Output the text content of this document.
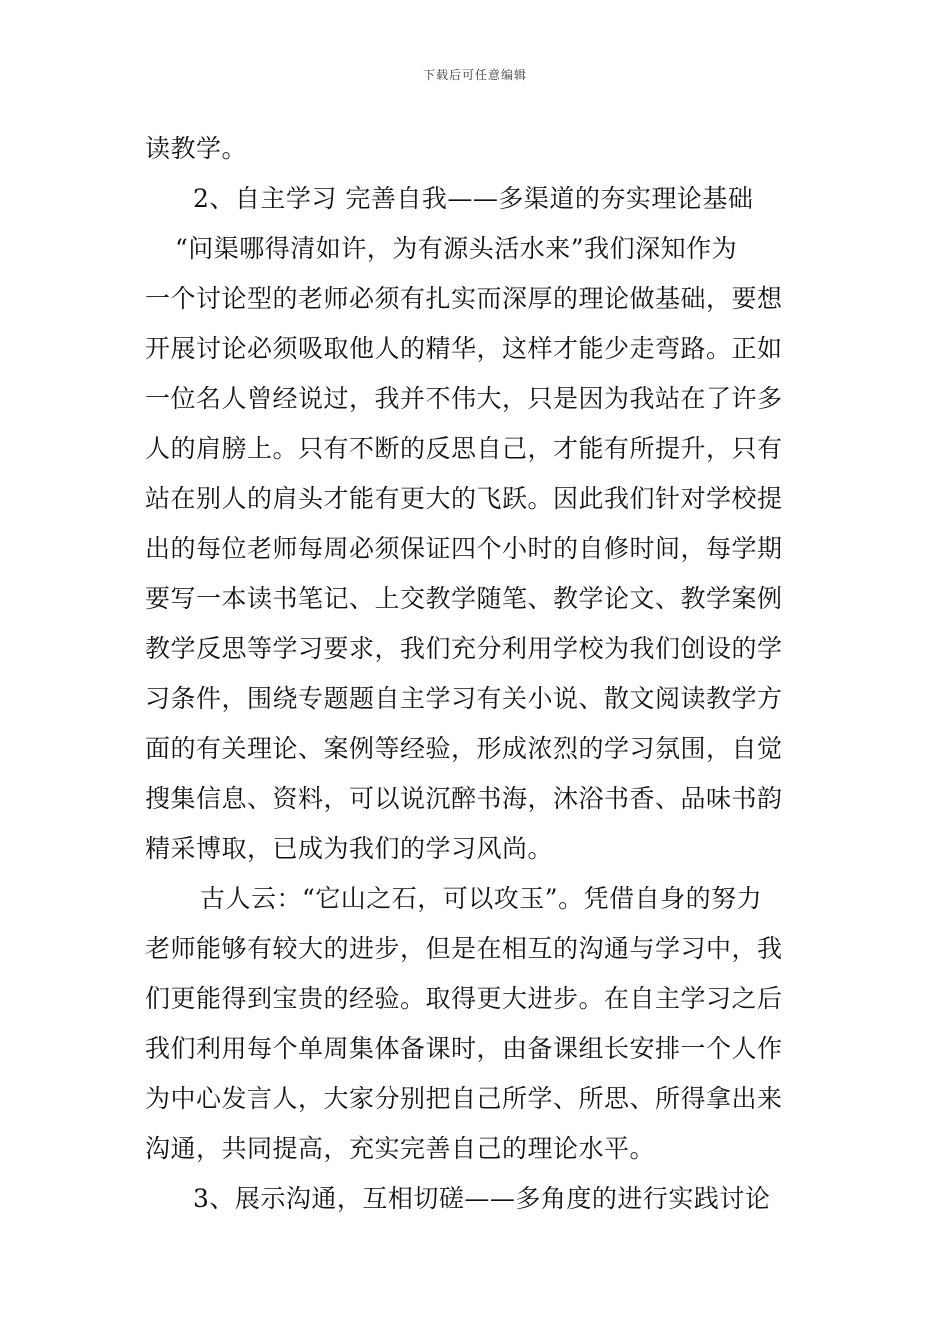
下载后可任意编辑
读教学。
2、自主学习 完善自我——多渠道的夯实理论基础
“问渠哪得清如许，为有源头活水来”我们深知作为
一个讨论型的老师必须有扎实而深厚的理论做基础，要想
开展讨论必须吸取他人的精华，这样才能少走弯路。正如
一位名人曾经说过，我并不伟大，只是因为我站在了许多
人的肩膀上。只有不断的反思自己，才能有所提升，只有
站在别人的肩头才能有更大的飞跃。因此我们针对学校提
出的每位老师每周必须保证四个小时的自修时间，每学期
要写一本读书笔记、上交教学随笔、教学论文、教学案例
教学反思等学习要求，我们充分利用学校为我们创设的学
习条件，围绕专题题自主学习有关小说、散文阅读教学方
面的有关理论、案例等经验，形成浓烈的学习氛围，自觉
搜集信息、资料，可以说沉醉书海，沐浴书香、品味书韵
精采博取，已成为我们的学习风尚。
古人云：“它山之石，可以攻玉”。凭借自身的努力
老师能够有较大的进步，但是在相互的沟通与学习中，我
们更能得到宝贵的经验。取得更大进步。在自主学习之后
我们利用每个单周集体备课时，由备课组长安排一个人作
为中心发言人，大家分别把自己所学、所思、所得拿出来
沟通，共同提高，充实完善自己的理论水平。
3、展示沟通，互相切磋——多角度的进行实践讨论
